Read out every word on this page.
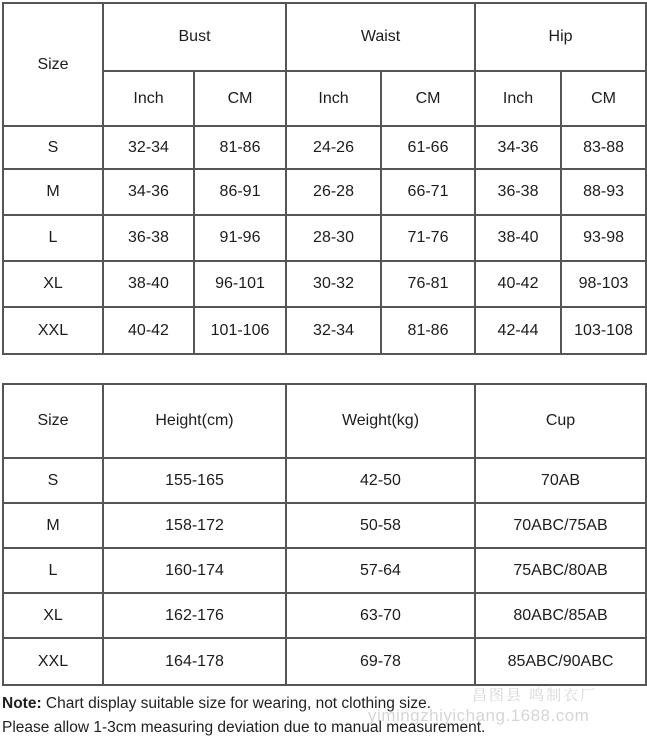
Size	Bust		Waist		Hip	
	Inch	CM	Inch	CM	Inch	CM
S	32-34	81-86	24-26	61-66	34-36	83-88
M	34-36	86-91	26-28	66-71	36-38	88-93
L	36-38	91-96	28-30	71-76	38-40	93-98
XL	38-40	96-101	30-32	76-81	40-42	98-103
XXL	40-42	101-106	32-34	81-86	42-44	103-108
Size	Height(cm)	Weight(kg)	Cup
S	155-165	42-50	70AB
M	158-172	50-58	70ABC/75AB
L	160-174	57-64	75ABC/80AB
XL	162-176	63-70	80ABC/85AB
XXL	164-178	69-78	85ABC/90ABC
昌图县 鸣制衣厂
yimingzhiyichang.1688.com
Note: Chart display suitable size for wearing, not clothing size.
Please allow 1-3cm measuring deviation due to manual measurement.
